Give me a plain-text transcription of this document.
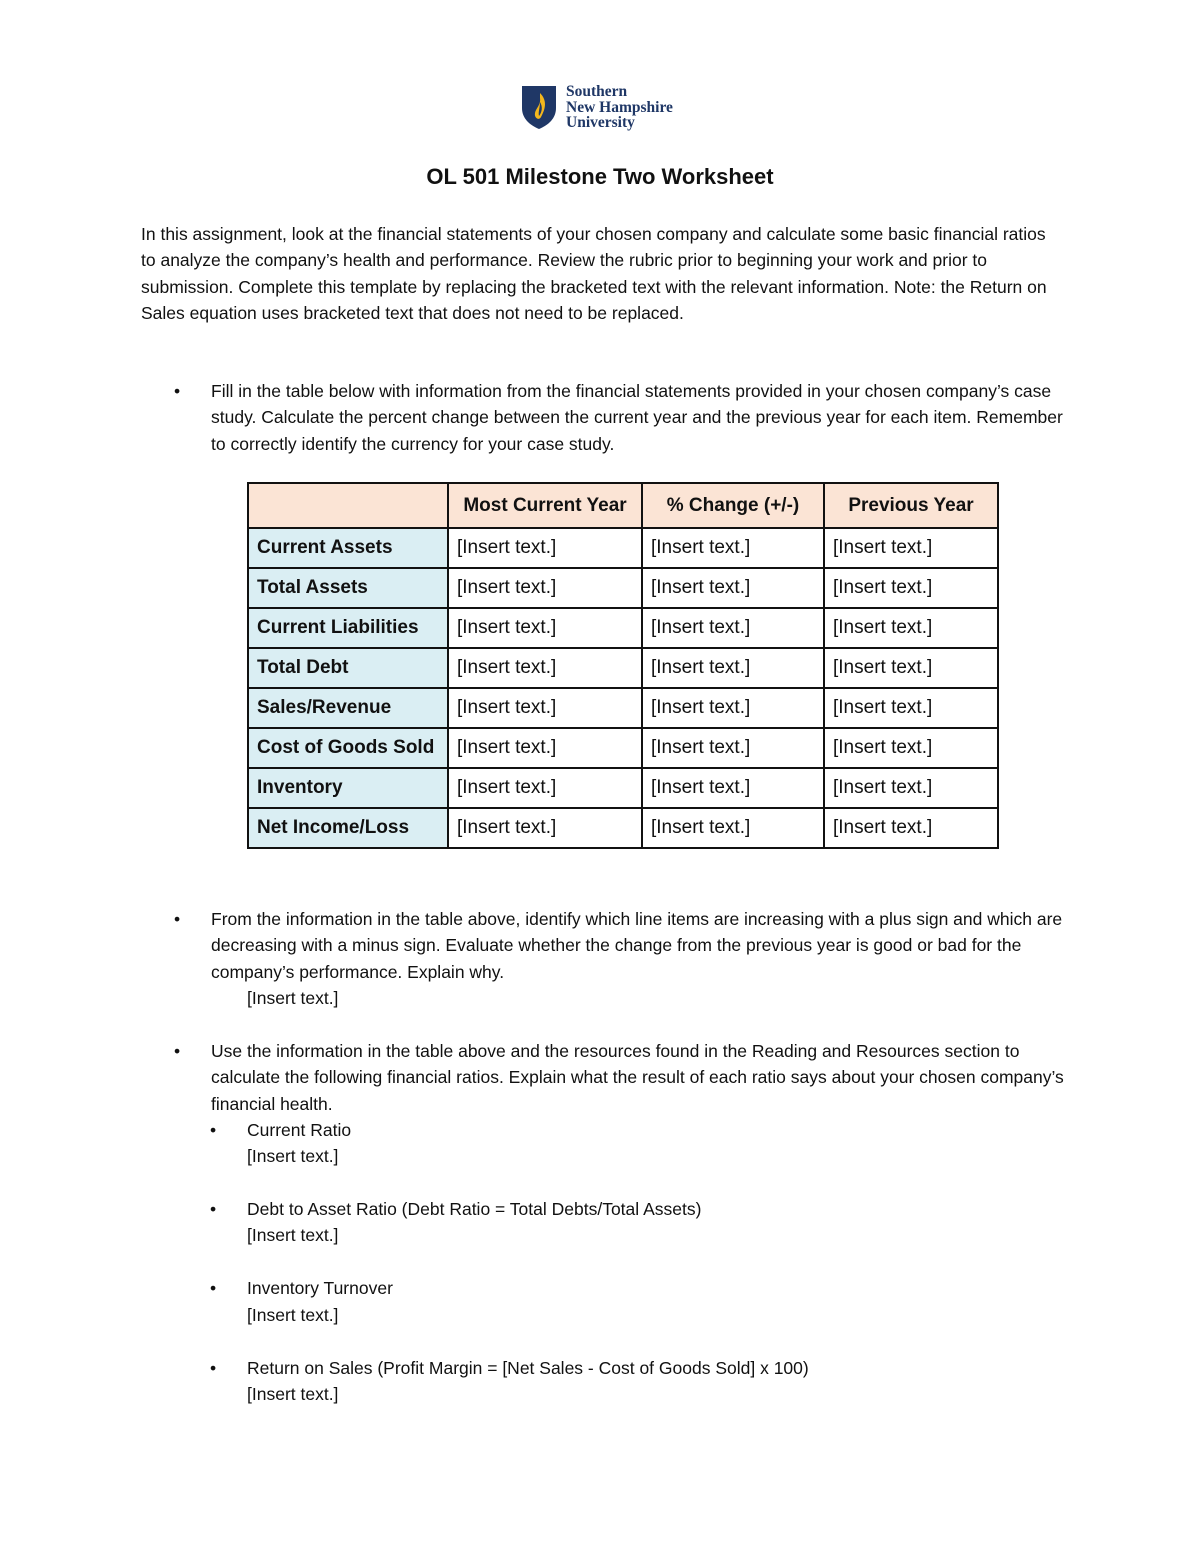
Southern
New Hampshire
University
OL 501 Milestone Two Worksheet
In this assignment, look at the financial statements of your chosen company and calculate some basic financial ratios to analyze the company’s health and performance. Review the rubric prior to beginning your work and prior to submission. Complete this template by replacing the bracketed text with the relevant information. Note: the Return on Sales equation uses bracketed text that does not need to be replaced.
• Fill in the table below with information from the financial statements provided in your chosen company’s case study. Calculate the percent change between the current year and the previous year for each item. Remember to correctly identify the currency for your case study.
	Most Current Year	% Change (+/-)	Previous Year
Current Assets	[Insert text.]	[Insert text.]	[Insert text.]
Total Assets	[Insert text.]	[Insert text.]	[Insert text.]
Current Liabilities	[Insert text.]	[Insert text.]	[Insert text.]
Total Debt	[Insert text.]	[Insert text.]	[Insert text.]
Sales/Revenue	[Insert text.]	[Insert text.]	[Insert text.]
Cost of Goods Sold	[Insert text.]	[Insert text.]	[Insert text.]
Inventory	[Insert text.]	[Insert text.]	[Insert text.]
Net Income/Loss	[Insert text.]	[Insert text.]	[Insert text.]
• From the information in the table above, identify which line items are increasing with a plus sign and which are decreasing with a minus sign. Evaluate whether the change from the previous year is good or bad for the company’s performance. Explain why.
[Insert text.]
• Use the information in the table above and the resources found in the Reading and Resources section to calculate the following financial ratios. Explain what the result of each ratio says about your chosen company’s financial health.
• Current Ratio
[Insert text.]
• Debt to Asset Ratio (Debt Ratio = Total Debts/Total Assets)
[Insert text.]
• Inventory Turnover
[Insert text.]
• Return on Sales (Profit Margin = [Net Sales - Cost of Goods Sold] x 100)
[Insert text.]
